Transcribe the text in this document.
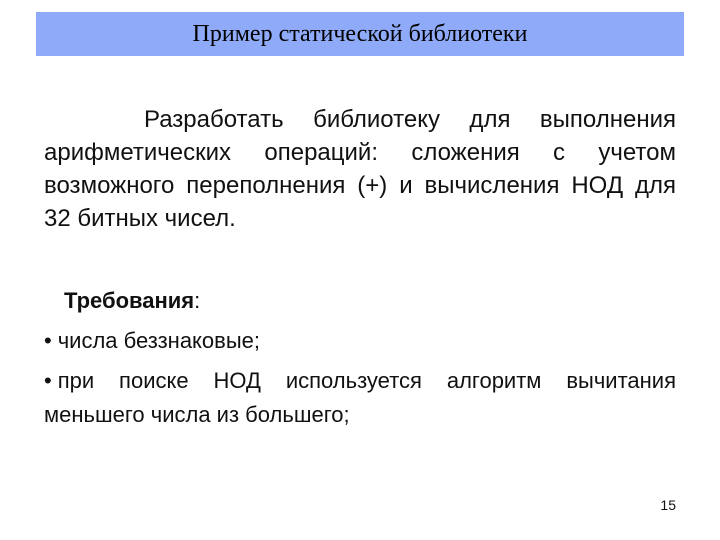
Пример статической библиотеки

Разработать библиотеку для выполнения арифметических операций: сложения с учетом возможного переполнения (+) и вычисления НОД для 32 битных чисел.

Требования:

• числа беззнаковые;

• при поиске НОД используется алгоритм вычитания меньшего числа из большего;

15
